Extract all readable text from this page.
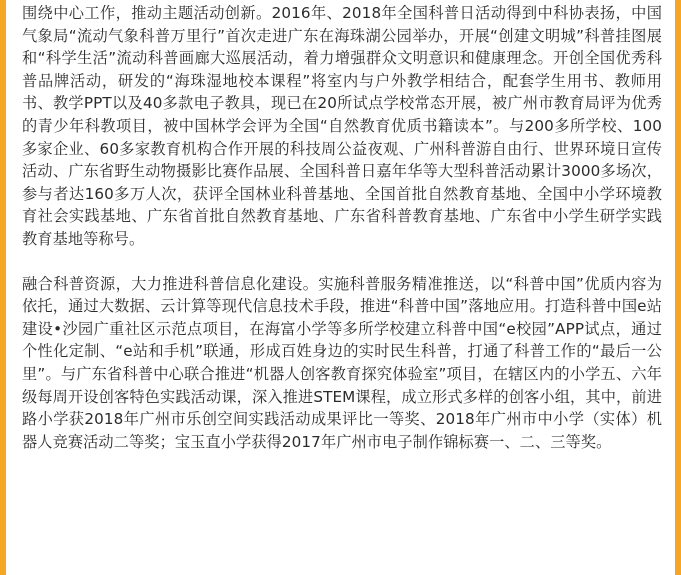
围绕中心工作，推动主题活动创新。2016年、2018年全国科普日活动得到中科协表扬，中国气象局“流动气象科普万里行”首次走进广东在海珠湖公园举办，开展“创建文明城”科普挂图展和“科学生活”流动科普画廊大巡展活动，着力增强群众文明意识和健康理念。开创全国优秀科普品牌活动，研发的“海珠湿地校本课程”将室内与户外教学相结合，配套学生用书、教师用书、教学PPT以及40多款电子教具，现已在20所试点学校常态开展，被广州市教育局评为优秀的青少年科教项目，被中国林学会评为全国“自然教育优质书籍读本”。与200多所学校、100多家企业、60多家教育机构合作开展的科技周公益夜观、广州科普游自由行、世界环境日宣传活动、广东省野生动物摄影比赛作品展、全国科普日嘉年华等大型科普活动累计3000多场次，参与者达160多万人次，获评全国林业科普基地、全国首批自然教育基地、全国中小学环境教育社会实践基地、广东省首批自然教育基地、广东省科普教育基地、广东省中小学生研学实践教育基地等称号。

融合科普资源，大力推进科普信息化建设。实施科普服务精准推送，以“科普中国”优质内容为依托，通过大数据、云计算等现代信息技术手段，推进“科普中国”落地应用。打造科普中国e站建设•沙园广重社区示范点项目，在海富小学等多所学校建立科普中国“e校园”APP试点，通过个性化定制、“e站和手机”联通，形成百姓身边的实时民生科普，打通了科普工作的“最后一公里”。与广东省科普中心联合推进“机器人创客教育探究体验室”项目，在辖区内的小学五、六年级每周开设创客特色实践活动课，深入推进STEM课程，成立形式多样的创客小组，其中，前进路小学获2018年广州市乐创空间实践活动成果评比一等奖、2018年广州市中小学（实体）机器人竞赛活动二等奖；宝玉直小学获得2017年广州市电子制作锦标赛一、二、三等奖。
